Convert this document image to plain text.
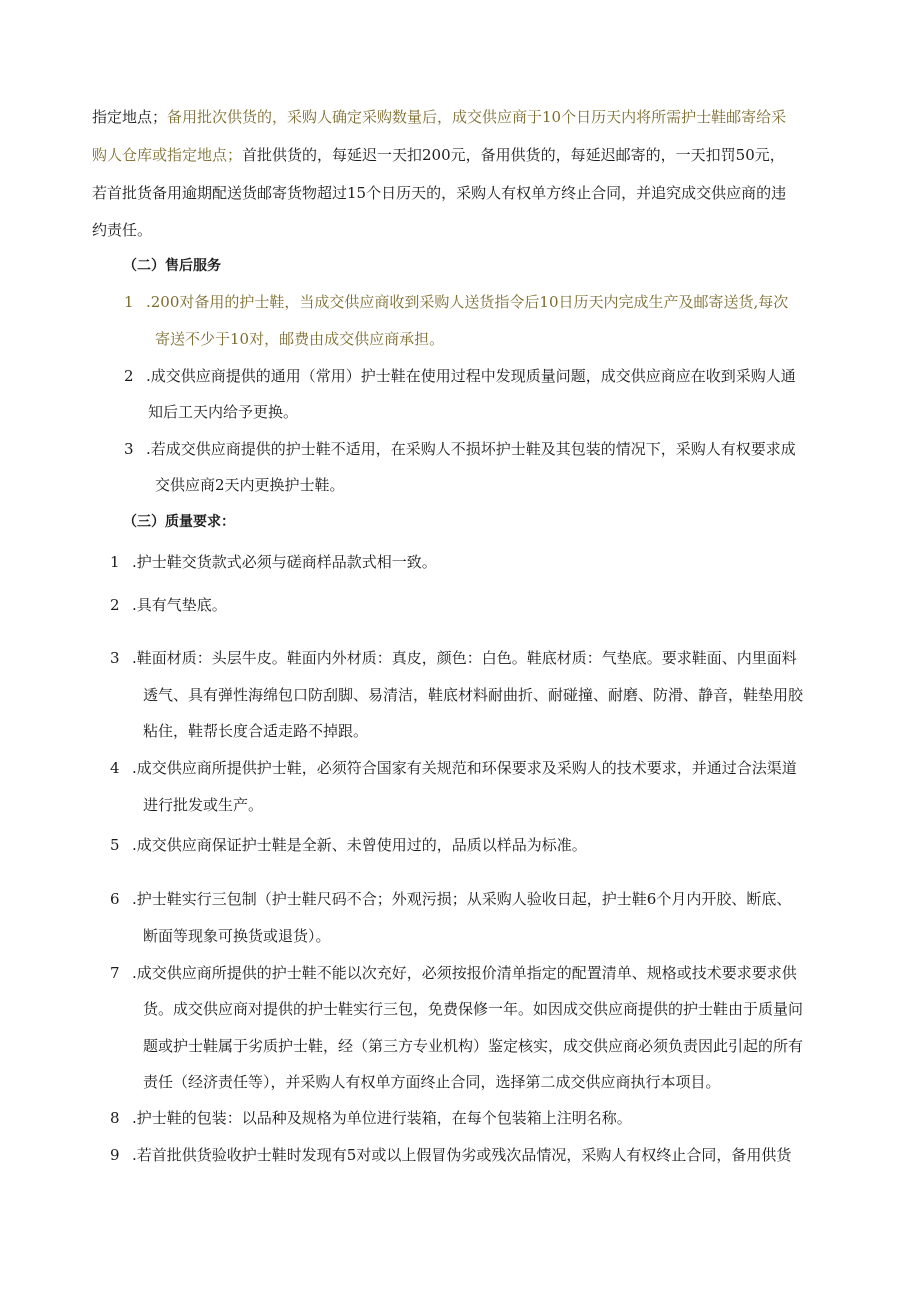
指定地点；备用批次供货的，采购人确定采购数量后，成交供应商于10个日历天内将所需护士鞋邮寄给采
购人仓库或指定地点；首批供货的，每延迟一天扣200元，备用供货的，每延迟邮寄的，一天扣罚50元，
若首批货备用逾期配送货邮寄货物超过15个日历天的，采购人有权单方终止合同，并追究成交供应商的违
约责任。
（二）售后服务
1 .200对备用的护士鞋，当成交供应商收到采购人送货指令后10日历天内完成生产及邮寄送货,每次
寄送不少于10对，邮费由成交供应商承担。
2 .成交供应商提供的通用（常用）护士鞋在使用过程中发现质量问题，成交供应商应在收到采购人通
知后工天内给予更换。
3 .若成交供应商提供的护士鞋不适用，在采购人不损坏护士鞋及其包装的情况下，采购人有权要求成
交供应商2天内更换护士鞋。
（三）质量要求：
1 .护士鞋交货款式必须与磋商样品款式相一致。
2 .具有气垫底。
3 .鞋面材质：头层牛皮。鞋面内外材质：真皮，颜色：白色。鞋底材质：气垫底。要求鞋面、内里面料
透气、具有弹性海绵包口防刮脚、易清洁，鞋底材料耐曲折、耐碰撞、耐磨、防滑、静音，鞋垫用胶
粘住，鞋帮长度合适走路不掉跟。
4 .成交供应商所提供护士鞋，必须符合国家有关规范和环保要求及采购人的技术要求，并通过合法渠道
进行批发或生产。
5 .成交供应商保证护士鞋是全新、未曾使用过的，品质以样品为标准。
6 .护士鞋实行三包制（护士鞋尺码不合；外观污损；从采购人验收日起，护士鞋6个月内开胶、断底、
断面等现象可换货或退货）。
7 .成交供应商所提供的护士鞋不能以次充好，必须按报价清单指定的配置清单、规格或技术要求要求供
货。成交供应商对提供的护士鞋实行三包，免费保修一年。如因成交供应商提供的护士鞋由于质量问
题或护士鞋属于劣质护士鞋，经（第三方专业机构）鉴定核实，成交供应商必须负责因此引起的所有
责任（经济责任等），并采购人有权单方面终止合同，选择第二成交供应商执行本项目。
8 .护士鞋的包装：以品种及规格为单位进行装箱，在每个包装箱上注明名称。
9 .若首批供货验收护士鞋时发现有5对或以上假冒伪劣或残次品情况，采购人有权终止合同，备用供货
